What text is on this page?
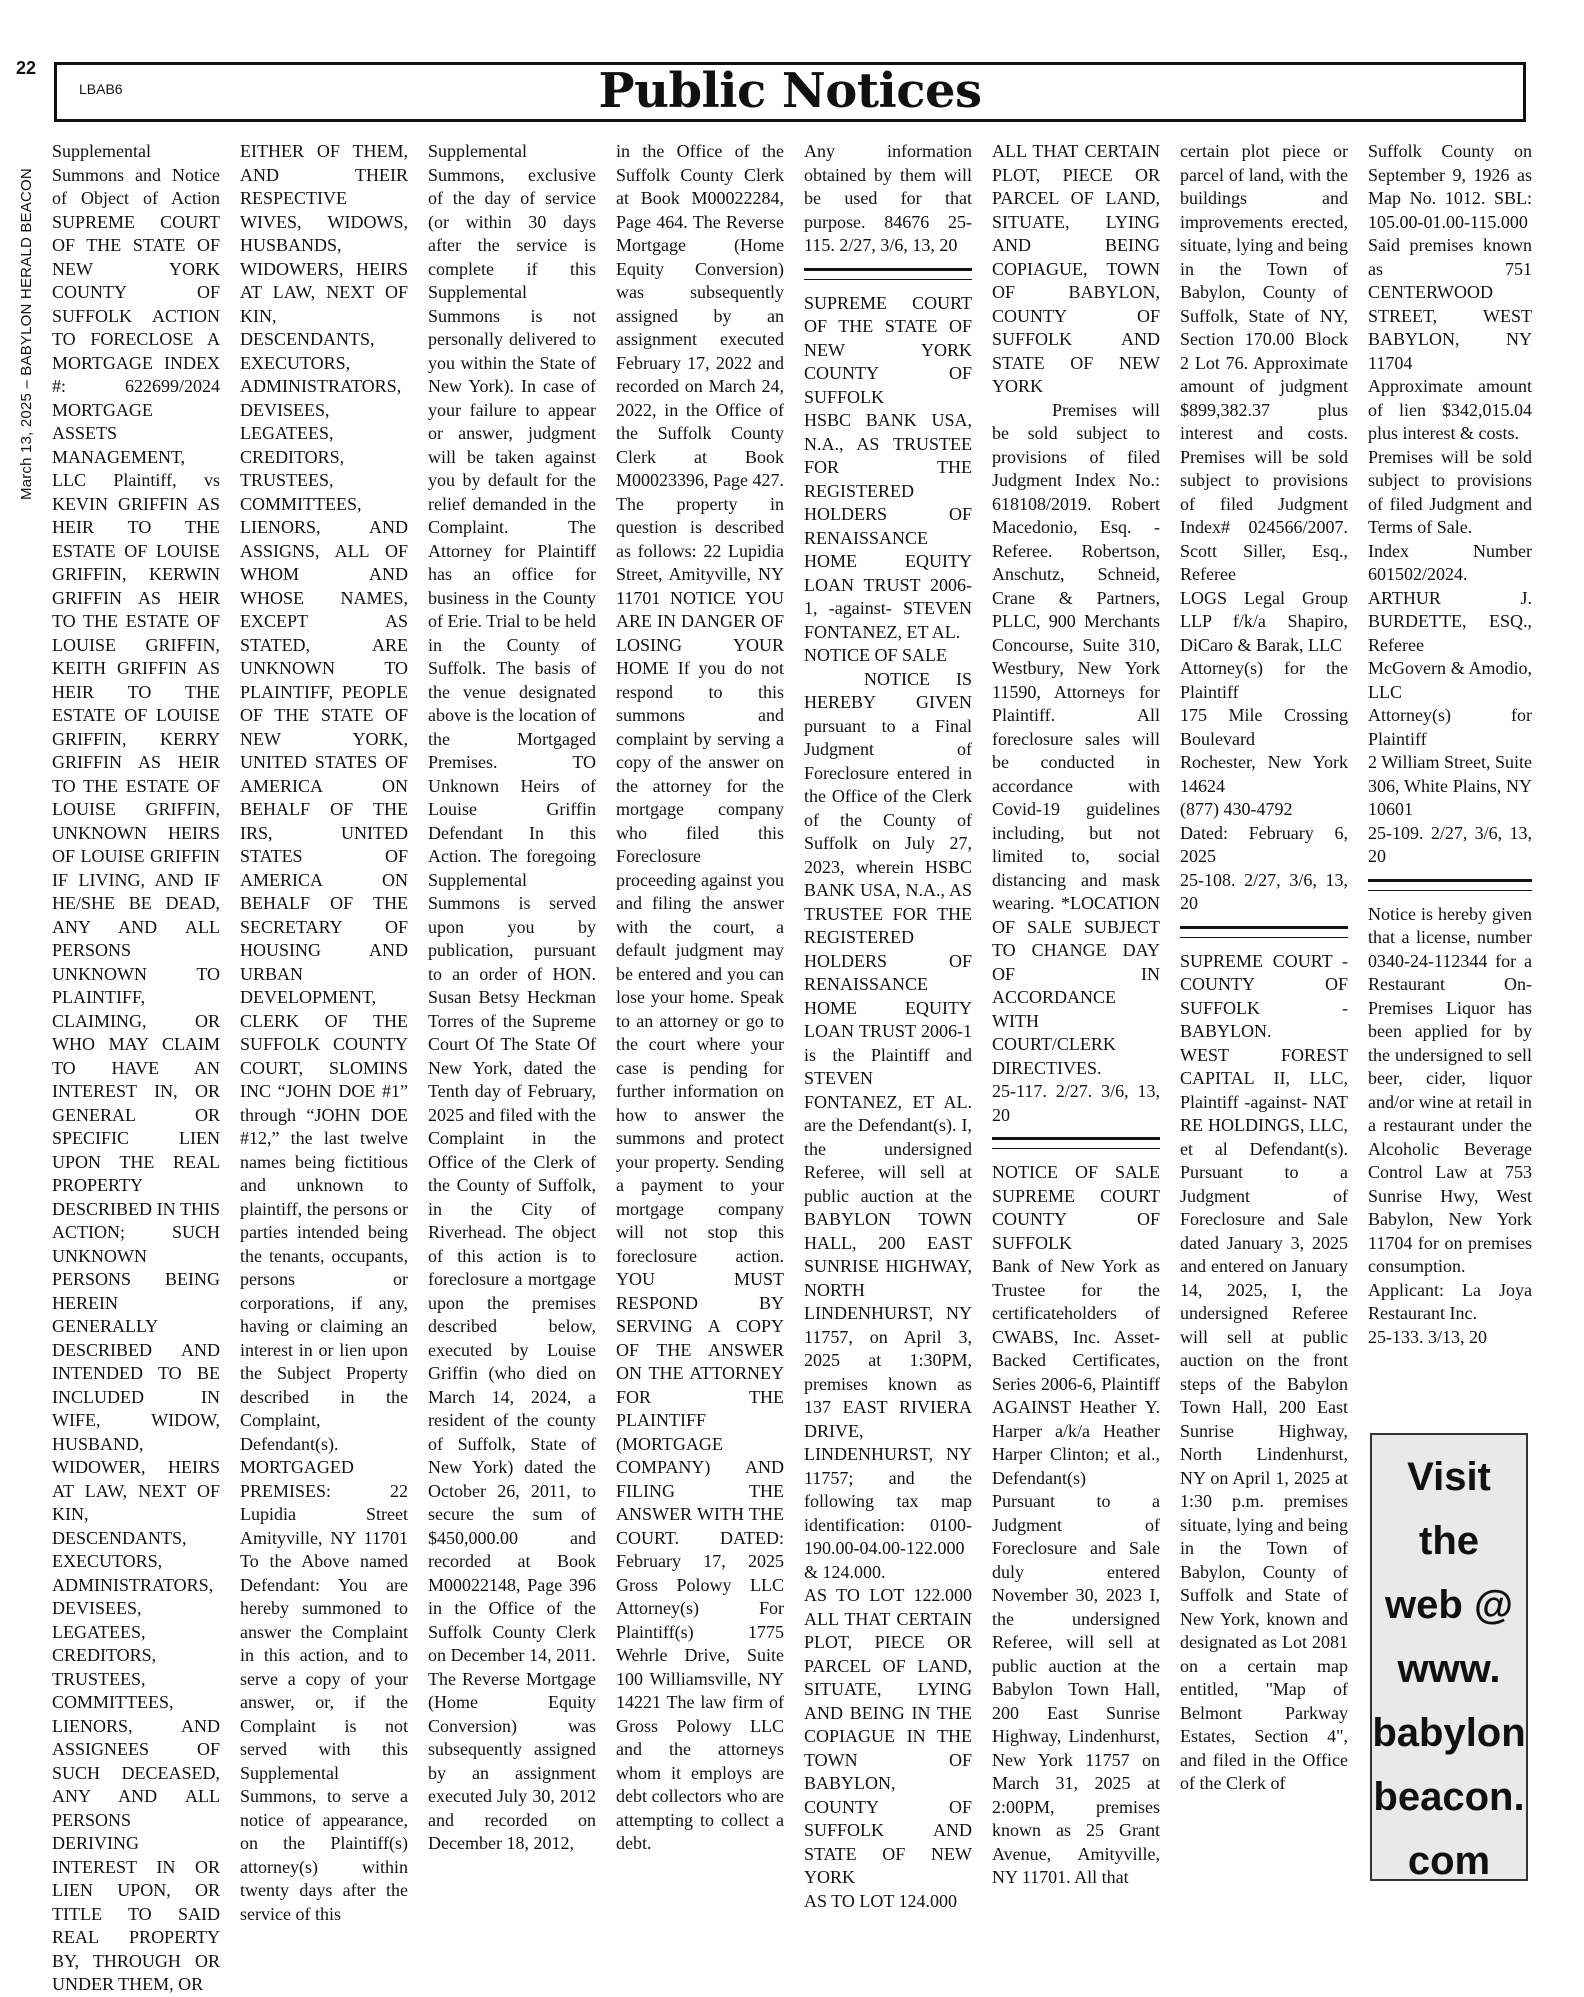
22
LBAB6	Public Notices
March 13, 2025 – BABYLON HERALD BEACON

Supplemental Summons and Notice of Object of Action SUPREME COURT OF THE STATE OF NEW YORK COUNTY OF SUFFOLK ACTION TO FORECLOSE A MORTGAGE INDEX #: 622699/2024 MORTGAGE ASSETS MANAGEMENT, LLC Plaintiff, vs KEVIN GRIFFIN AS HEIR TO THE ESTATE OF LOUISE GRIFFIN, KERWIN GRIFFIN AS HEIR TO THE ESTATE OF LOUISE GRIFFIN, KEITH GRIFFIN AS HEIR TO THE ESTATE OF LOUISE GRIFFIN, KERRY GRIFFIN AS HEIR TO THE ESTATE OF LOUISE GRIFFIN, UNKNOWN HEIRS OF LOUISE GRIFFIN IF LIVING, AND IF HE/SHE BE DEAD, ANY AND ALL PERSONS UNKNOWN TO PLAINTIFF, CLAIMING, OR WHO MAY CLAIM TO HAVE AN INTEREST IN, OR GENERAL OR SPECIFIC LIEN UPON THE REAL PROPERTY DESCRIBED IN THIS ACTION; SUCH UNKNOWN PERSONS BEING HEREIN GENERALLY DESCRIBED AND INTENDED TO BE INCLUDED IN WIFE, WIDOW, HUSBAND, WIDOWER, HEIRS AT LAW, NEXT OF KIN, DESCENDANTS, EXECUTORS, ADMINISTRATORS, DEVISEES, LEGATEES, CREDITORS, TRUSTEES, COMMITTEES, LIENORS, AND ASSIGNEES OF SUCH DECEASED, ANY AND ALL PERSONS DERIVING INTEREST IN OR LIEN UPON, OR TITLE TO SAID REAL PROPERTY BY, THROUGH OR UNDER THEM, OR

EITHER OF THEM, AND THEIR RESPECTIVE WIVES, WIDOWS, HUSBANDS, WIDOWERS, HEIRS AT LAW, NEXT OF KIN, DESCENDANTS, EXECUTORS, ADMINISTRATORS, DEVISEES, LEGATEES, CREDITORS, TRUSTEES, COMMITTEES, LIENORS, AND ASSIGNS, ALL OF WHOM AND WHOSE NAMES, EXCEPT AS STATED, ARE UNKNOWN TO PLAINTIFF, PEOPLE OF THE STATE OF NEW YORK, UNITED STATES OF AMERICA ON BEHALF OF THE IRS, UNITED STATES OF AMERICA ON BEHALF OF THE SECRETARY OF HOUSING AND URBAN DEVELOPMENT, CLERK OF THE SUFFOLK COUNTY COURT, SLOMINS INC “JOHN DOE #1” through “JOHN DOE #12,” the last twelve names being fictitious and unknown to plaintiff, the persons or parties intended being the tenants, occupants, persons or corporations, if any, having or claiming an interest in or lien upon the Subject Property described in the Complaint, Defendant(s). MORTGAGED PREMISES: 22 Lupidia Street Amityville, NY 11701 To the Above named Defendant: You are hereby summoned to answer the Complaint in this action, and to serve a copy of your answer, or, if the Complaint is not served with this Supplemental Summons, to serve a notice of appearance, on the Plaintiff(s) attorney(s) within twenty days after the service of this

Supplemental Summons, exclusive of the day of service (or within 30 days after the service is complete if this Supplemental Summons is not personally delivered to you within the State of New York). In case of your failure to appear or answer, judgment will be taken against you by default for the relief demanded in the Complaint. The Attorney for Plaintiff has an office for business in the County of Erie. Trial to be held in the County of Suffolk. The basis of the venue designated above is the location of the Mortgaged Premises. TO Unknown Heirs of Louise Griffin Defendant In this Action. The foregoing Supplemental Summons is served upon you by publication, pursuant to an order of HON. Susan Betsy Heckman Torres of the Supreme Court Of The State Of New York, dated the Tenth day of February, 2025 and filed with the Complaint in the Office of the Clerk of the County of Suffolk, in the City of Riverhead. The object of this action is to foreclosure a mortgage upon the premises described below, executed by Louise Griffin (who died on March 14, 2024, a resident of the county of Suffolk, State of New York) dated the October 26, 2011, to secure the sum of $450,000.00 and recorded at Book M00022148, Page 396 in the Office of the Suffolk County Clerk on December 14, 2011. The Reverse Mortgage (Home Equity Conversion) was subsequently assigned by an assignment executed July 30, 2012 and recorded on December 18, 2012,

in the Office of the Suffolk County Clerk at Book M00022284, Page 464. The Reverse Mortgage (Home Equity Conversion) was subsequently assigned by an assignment executed February 17, 2022 and recorded on March 24, 2022, in the Office of the Suffolk County Clerk at Book M00023396, Page 427. The property in question is described as follows: 22 Lupidia Street, Amityville, NY 11701 NOTICE YOU ARE IN DANGER OF LOSING YOUR HOME If you do not respond to this summons and complaint by serving a copy of the answer on the attorney for the mortgage company who filed this Foreclosure proceeding against you and filing the answer with the court, a default judgment may be entered and you can lose your home. Speak to an attorney or go to the court where your case is pending for further information on how to answer the summons and protect your property. Sending a payment to your mortgage company will not stop this foreclosure action. YOU MUST RESPOND BY SERVING A COPY OF THE ANSWER ON THE ATTORNEY FOR THE PLAINTIFF (MORTGAGE COMPANY) AND FILING THE ANSWER WITH THE COURT. DATED: February 17, 2025 Gross Polowy LLC Attorney(s) For Plaintiff(s) 1775 Wehrle Drive, Suite 100 Williamsville, NY 14221 The law firm of Gross Polowy LLC and the attorneys whom it employs are debt collectors who are attempting to collect a debt.

Any information obtained by them will be used for that purpose. 84676 25-115. 2/27, 3/6, 13, 20

SUPREME COURT OF THE STATE OF NEW YORK COUNTY OF SUFFOLK

HSBC BANK USA, N.A., AS TRUSTEE FOR THE REGISTERED HOLDERS OF RENAISSANCE HOME EQUITY LOAN TRUST 2006-1, -against- STEVEN FONTANEZ, ET AL.

NOTICE OF SALE

NOTICE IS HEREBY GIVEN pursuant to a Final Judgment of Foreclosure entered in the Office of the Clerk of the County of Suffolk on July 27, 2023, wherein HSBC BANK USA, N.A., AS TRUSTEE FOR THE REGISTERED HOLDERS OF RENAISSANCE HOME EQUITY LOAN TRUST 2006-1 is the Plaintiff and STEVEN FONTANEZ, ET AL. are the Defendant(s). I, the undersigned Referee, will sell at public auction at the BABYLON TOWN HALL, 200 EAST SUNRISE HIGHWAY, NORTH LINDENHURST, NY 11757, on April 3, 2025 at 1:30PM, premises known as 137 EAST RIVIERA DRIVE, LINDENHURST, NY 11757; and the following tax map identification: 0100-190.00-04.00-122.000 & 124.000.

AS TO LOT 122.000 ALL THAT CERTAIN PLOT, PIECE OR PARCEL OF LAND, SITUATE, LYING AND BEING IN THE COPIAGUE IN THE TOWN OF BABYLON, COUNTY OF SUFFOLK AND STATE OF NEW YORK

AS TO LOT 124.000

ALL THAT CERTAIN PLOT, PIECE OR PARCEL OF LAND, SITUATE, LYING AND BEING COPIAGUE, TOWN OF BABYLON, COUNTY OF SUFFOLK AND STATE OF NEW YORK

Premises will be sold subject to provisions of filed Judgment Index No.: 618108/2019. Robert Macedonio, Esq. - Referee. Robertson, Anschutz, Schneid, Crane & Partners, PLLC, 900 Merchants Concourse, Suite 310, Westbury, New York 11590, Attorneys for Plaintiff. All foreclosure sales will be conducted in accordance with Covid-19 guidelines including, but not limited to, social distancing and mask wearing. *LOCATION OF SALE SUBJECT TO CHANGE DAY OF IN ACCORDANCE WITH COURT/CLERK DIRECTIVES.

25-117. 2/27. 3/6, 13, 20

NOTICE OF SALE SUPREME COURT COUNTY OF SUFFOLK

Bank of New York as Trustee for the certificateholders of CWABS, Inc. Asset-Backed Certificates, Series 2006-6, Plaintiff AGAINST Heather Y. Harper a/k/a Heather Harper Clinton; et al., Defendant(s)

Pursuant to a Judgment of Foreclosure and Sale duly entered November 30, 2023 I, the undersigned Referee, will sell at public auction at the Babylon Town Hall, 200 East Sunrise Highway, Lindenhurst, New York 11757 on March 31, 2025 at 2:00PM, premises known as 25 Grant Avenue, Amityville, NY 11701. All that

certain plot piece or parcel of land, with the buildings and improvements erected, situate, lying and being in the Town of Babylon, County of Suffolk, State of NY, Section 170.00 Block 2 Lot 76. Approximate amount of judgment $899,382.37 plus interest and costs. Premises will be sold subject to provisions of filed Judgment Index# 024566/2007. Scott Siller, Esq., Referee

LOGS Legal Group LLP f/k/a Shapiro, DiCaro & Barak, LLC

Attorney(s) for the Plaintiff

175 Mile Crossing Boulevard

Rochester, New York 14624

(877) 430-4792

Dated: February 6, 2025

25-108. 2/27, 3/6, 13, 20

SUPREME COURT - COUNTY OF SUFFOLK - BABYLON.

WEST FOREST CAPITAL II, LLC, Plaintiff -against- NAT RE HOLDINGS, LLC, et al Defendant(s). Pursuant to a Judgment of Foreclosure and Sale dated January 3, 2025 and entered on January 14, 2025, I, the undersigned Referee will sell at public auction on the front steps of the Babylon Town Hall, 200 East Sunrise Highway, North Lindenhurst, NY on April 1, 2025 at 1:30 p.m. premises situate, lying and being in the Town of Babylon, County of Suffolk and State of New York, known and designated as Lot 2081 on a certain map entitled, "Map of Belmont Parkway Estates, Section 4", and filed in the Office of the Clerk of

Suffolk County on September 9, 1926 as Map No. 1012. SBL: 105.00-01.00-115.000

Said premises known as 751 CENTERWOOD STREET, WEST BABYLON, NY 11704

Approximate amount of lien $342,015.04 plus interest & costs.

Premises will be sold subject to provisions of filed Judgment and Terms of Sale.

Index Number 601502/2024.

ARTHUR J. BURDETTE, ESQ., Referee

McGovern & Amodio, LLC

Attorney(s) for Plaintiff

2 William Street, Suite 306, White Plains, NY 10601

25-109. 2/27, 3/6, 13, 20

Notice is hereby given that a license, number 0340-24-112344 for a Restaurant On-Premises Liquor has been applied for by the undersigned to sell beer, cider, liquor and/or wine at retail in a restaurant under the Alcoholic Beverage Control Law at 753 Sunrise Hwy, West Babylon, New York 11704 for on premises consumption.

Applicant: La Joya Restaurant Inc.

25-133. 3/13, 20

Visit
the
web @
www.
babylon
beacon.
com
